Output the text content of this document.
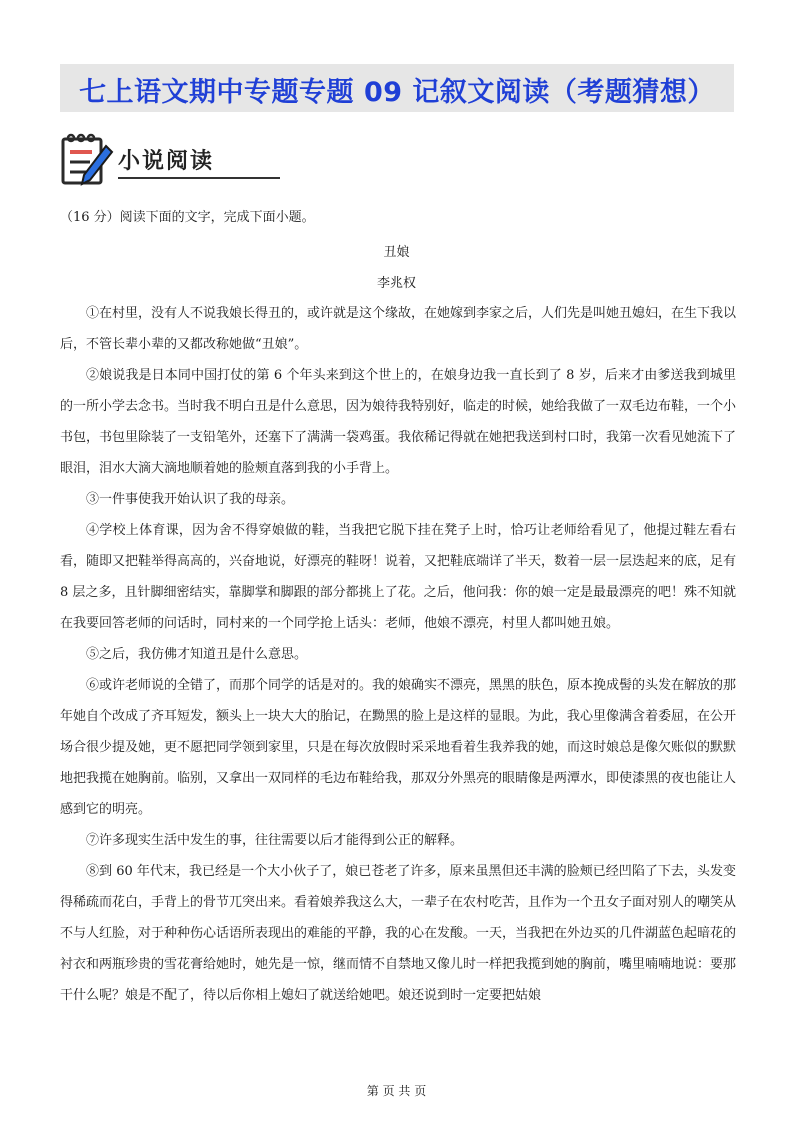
七上语文期中专题专题 09 记叙文阅读（考题猜想）
小说阅读
（16 分）阅读下面的文字，完成下面小题。
丑娘
李兆权

①在村里，没有人不说我娘长得丑的，或许就是这个缘故，在她嫁到李家之后，人们先是叫她丑媳妇，在生下我以后，不管长辈小辈的又都改称她做“丑娘”。

②娘说我是日本同中国打仗的第 6 个年头来到这个世上的，在娘身边我一直长到了 8 岁，后来才由爹送我到城里的一所小学去念书。当时我不明白丑是什么意思，因为娘待我特别好，临走的时候，她给我做了一双毛边布鞋，一个小书包，书包里除装了一支铅笔外，还塞下了满满一袋鸡蛋。我依稀记得就在她把我送到村口时，我第一次看见她流下了眼泪，泪水大滴大滴地顺着她的脸颊直落到我的小手背上。

③一件事使我开始认识了我的母亲。

④学校上体育课，因为舍不得穿娘做的鞋，当我把它脱下挂在凳子上时，恰巧让老师给看见了，他提过鞋左看右看，随即又把鞋举得高高的，兴奋地说，好漂亮的鞋呀！说着，又把鞋底端详了半天，数着一层一层迭起来的底，足有 8 层之多，且针脚细密结实，靠脚掌和脚跟的部分都挑上了花。之后，他问我：你的娘一定是最最漂亮的吧！殊不知就在我要回答老师的问话时，同村来的一个同学抢上话头：老师，他娘不漂亮，村里人都叫她丑娘。

⑤之后，我仿佛才知道丑是什么意思。

⑥或许老师说的全错了，而那个同学的话是对的。我的娘确实不漂亮，黑黑的肤色，原本挽成髻的头发在解放的那年她自个改成了齐耳短发，额头上一块大大的胎记，在黝黑的脸上是这样的显眼。为此，我心里像满含着委屈，在公开场合很少提及她，更不愿把同学领到家里，只是在每次放假时采采地看着生我养我的她，而这时娘总是像欠账似的默默地把我揽在她胸前。临别，又拿出一双同样的毛边布鞋给我，那双分外黑亮的眼睛像是两潭水，即使漆黑的夜也能让人感到它的明亮。

⑦许多现实生活中发生的事，往往需要以后才能得到公正的解释。

⑧到 60 年代末，我已经是一个大小伙子了，娘已苍老了许多，原来虽黑但还丰满的脸颊已经凹陷了下去，头发变得稀疏而花白，手背上的骨节兀突出来。看着娘养我这么大，一辈子在农村吃苦，且作为一个丑女子面对别人的嘲笑从不与人红脸，对于种种伤心话语所表现出的难能的平静，我的心在发酸。一天，当我把在外边买的几件湖蓝色起暗花的衬衣和两瓶珍贵的雪花膏给她时，她先是一惊，继而情不自禁地又像儿时一样把我揽到她的胸前，嘴里喃喃地说：要那干什么呢？娘是不配了，待以后你相上媳妇了就送给她吧。娘还说到时一定要把姑娘

第 页 共 页
